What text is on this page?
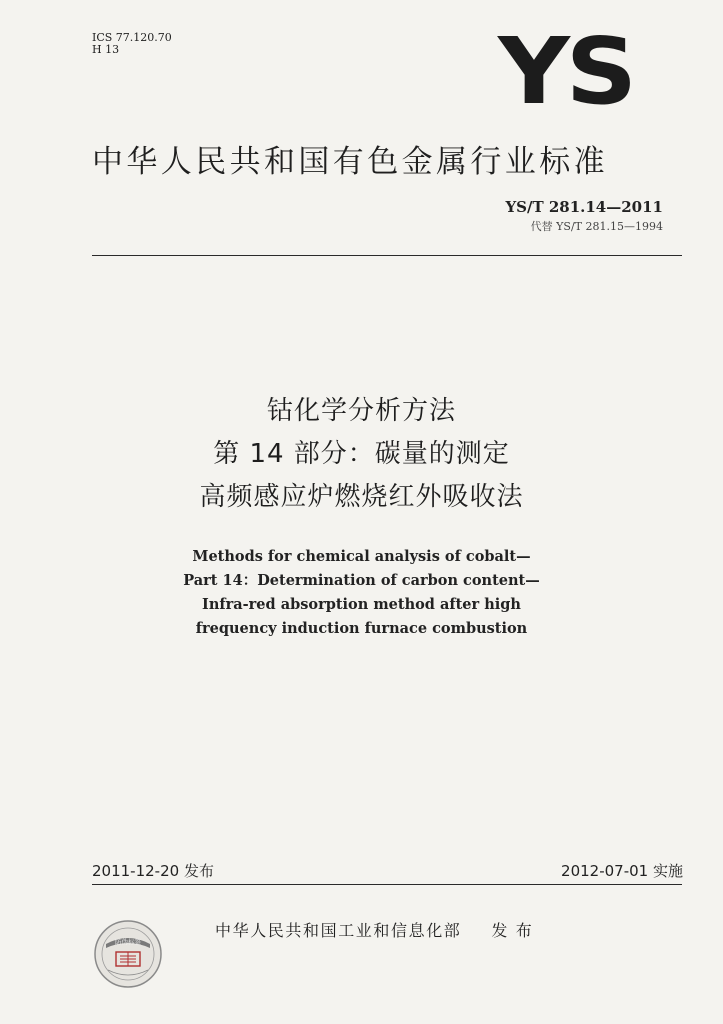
ICS 77.120.70
H 13	YS
中华人民共和国有色金属行业标准
YS/T 281.14—2011
代替 YS/T 281.15—1994
钴化学分析方法
第 14 部分：碳量的测定
高频感应炉燃烧红外吸收法
Methods for chemical analysis of cobalt—
Part 14：Determination of carbon content—
Infra-red absorption method after high
frequency induction furnace combustion
2011-12-20 发布	2012-07-01 实施
防伪标签
中华人民共和国工业和信息化部 发 布
